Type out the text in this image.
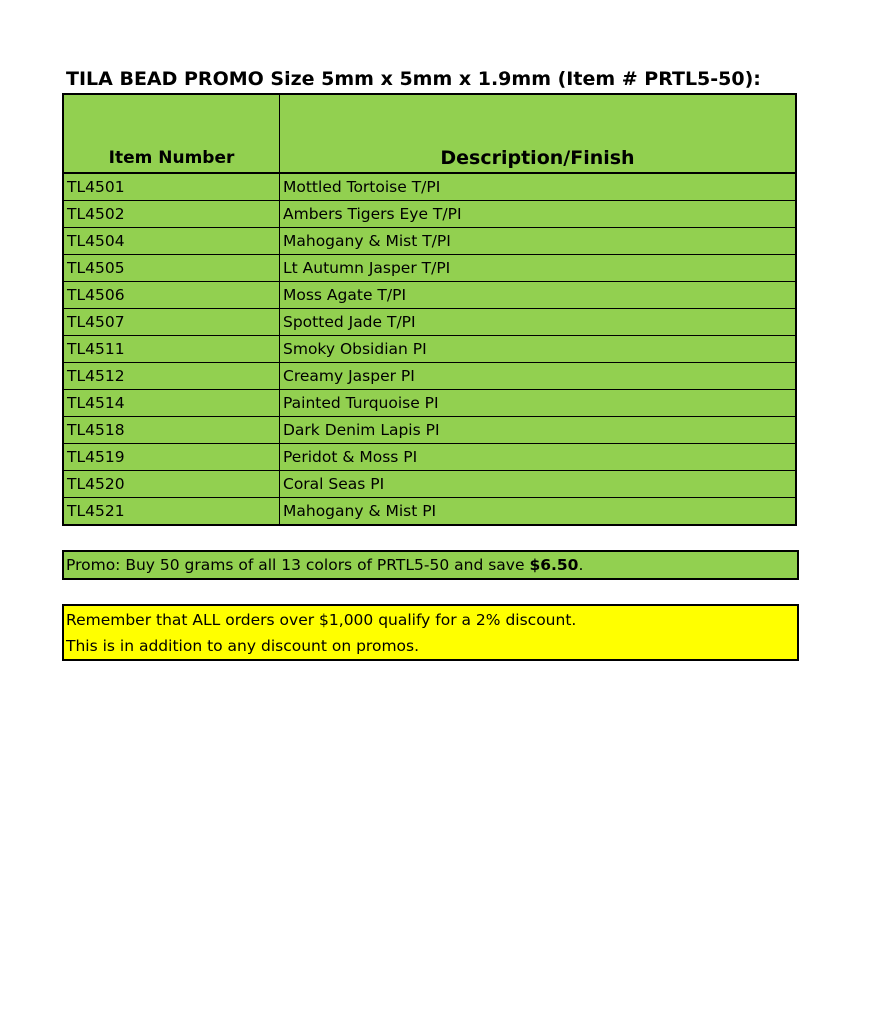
TILA BEAD PROMO Size 5mm x 5mm x 1.9mm (Item # PRTL5-50):
Item Number	Description/Finish
TL4501	Mottled Tortoise T/PI
TL4502	Ambers Tigers Eye T/PI
TL4504	Mahogany & Mist T/PI
TL4505	Lt Autumn Jasper T/PI
TL4506	Moss Agate T/PI
TL4507	Spotted Jade T/PI
TL4511	Smoky Obsidian PI
TL4512	Creamy Jasper PI
TL4514	Painted Turquoise PI
TL4518	Dark Denim Lapis PI
TL4519	Peridot & Moss PI
TL4520	Coral Seas PI
TL4521	Mahogany & Mist PI
Promo: Buy 50 grams of all 13 colors of PRTL5-50 and save $6.50.
Remember that ALL orders over $1,000 qualify for a 2% discount.
This is in addition to any discount on promos.
